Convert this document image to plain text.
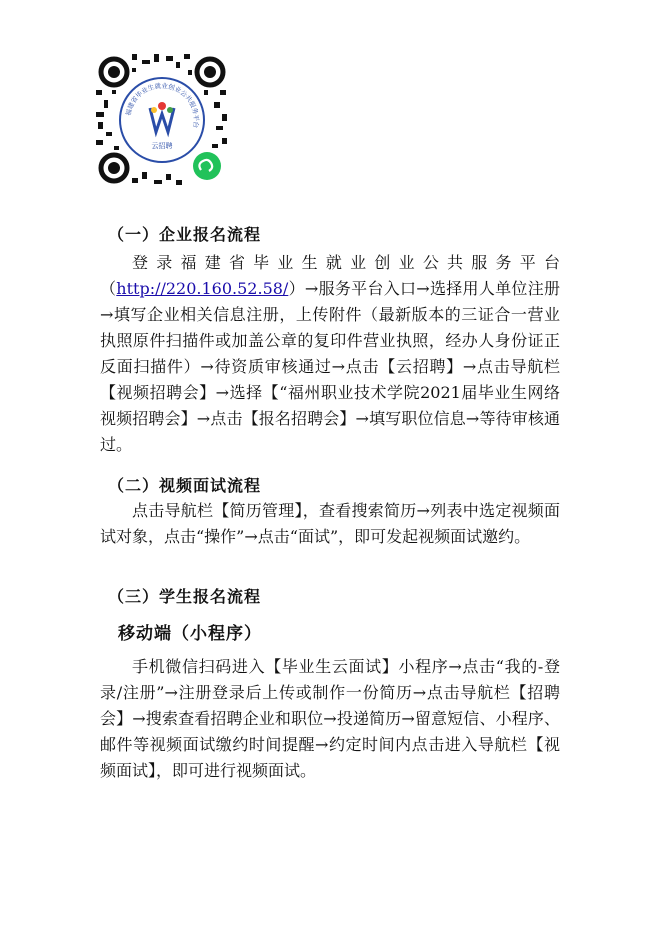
福建省毕业生就业创业公共服务平台
云招聘
（一）企业报名流程

登录福建省毕业生就业创业公共服务平台（http://220.160.52.58/）→服务平台入口→选择用人单位注册→填写企业相关信息注册，上传附件（最新版本的三证合一营业执照原件扫描件或加盖公章的复印件营业执照，经办人身份证正反面扫描件）→待资质审核通过→点击【云招聘】→点击导航栏【视频招聘会】→选择【“福州职业技术学院2021届毕业生网络视频招聘会】→点击【报名招聘会】→填写职位信息→等待审核通过。

（二）视频面试流程

点击导航栏【简历管理】，查看搜索简历→列表中选定视频面试对象，点击“操作”→点击“面试”，即可发起视频面试邀约。

（三）学生报名流程
移动端（小程序）

手机微信扫码进入【毕业生云面试】小程序→点击“我的-登录/注册”→注册登录后上传或制作一份简历→点击导航栏【招聘会】→搜索查看招聘企业和职位→投递简历→留意短信、小程序、邮件等视频面试缴约时间提醒→约定时间内点击进入导航栏【视频面试】，即可进行视频面试。
